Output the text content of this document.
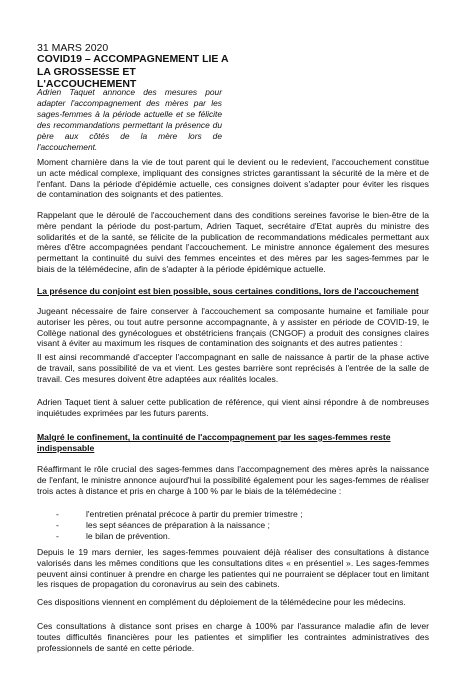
31 MARS 2020
COVID19 – ACCOMPAGNEMENT LIE A LA GROSSESSE ET L'ACCOUCHEMENT
Adrien Taquet annonce des mesures pour adapter l'accompagnement des mères par les sages-femmes à la période actuelle et se félicite des recommandations permettant la présence du père aux côtés de la mère lors de l'accouchement.

Moment charnière dans la vie de tout parent qui le devient ou le redevient, l'accouchement constitue un acte médical complexe, impliquant des consignes strictes garantissant la sécurité de la mère et de l'enfant. Dans la période d'épidémie actuelle, ces consignes doivent s'adapter pour éviter les risques de contamination des soignants et des patientes.

Rappelant que le déroulé de l'accouchement dans des conditions sereines favorise le bien-être de la mère pendant la période du post-partum, Adrien Taquet, secrétaire d'Etat auprès du ministre des solidarités et de la santé, se félicite de la publication de recommandations médicales permettant aux mères d'être accompagnées pendant l'accouchement. Le ministre annonce également des mesures permettant la continuité du suivi des femmes enceintes et des mères par les sages-femmes par le biais de la télémédecine, afin de s'adapter à la période épidémique actuelle.

La présence du conjoint est bien possible, sous certaines conditions, lors de l'accouchement

Jugeant nécessaire de faire conserver à l'accouchement sa composante humaine et familiale pour autoriser les pères, ou tout autre personne accompagnante, à y assister en période de COVID-19, le Collège national des gynécologues et obstétriciens français (CNGOF) a produit des consignes claires visant à éviter au maximum les risques de contamination des soignants et des autres patientes :

Il est ainsi recommandé d'accepter l'accompagnant en salle de naissance à partir de la phase active de travail, sans possibilité de va et vient. Les gestes barrière sont reprécisés à l'entrée de la salle de travail. Ces mesures doivent être adaptées aux réalités locales.

Adrien Taquet tient à saluer cette publication de référence, qui vient ainsi répondre à de nombreuses inquiétudes exprimées par les futurs parents.

Malgré le confinement, la continuité de l'accompagnement par les sages-femmes reste indispensable

Réaffirmant le rôle crucial des sages-femmes dans l'accompagnement des mères après la naissance de l'enfant, le ministre annonce aujourd'hui la possibilité également pour les sages-femmes de réaliser trois actes à distance et pris en charge à 100 % par le biais de la télémédecine :

-	l'entretien prénatal précoce à partir du premier trimestre ;
-	les sept séances de préparation à la naissance ;
-	le bilan de prévention.

Depuis le 19 mars dernier, les sages-femmes pouvaient déjà réaliser des consultations à distance valorisés dans les mêmes conditions que les consultations dites « en présentiel ». Les sages-femmes peuvent ainsi continuer à prendre en charge les patientes qui ne pourraient se déplacer tout en limitant les risques de propagation du coronavirus au sein des cabinets.

Ces dispositions viennent en complément du déploiement de la télémédecine pour les médecins.

Ces consultations à distance sont prises en charge à 100% par l'assurance maladie afin de lever toutes difficultés financières pour les patientes et simplifier les contraintes administratives des professionnels de santé en cette période.
